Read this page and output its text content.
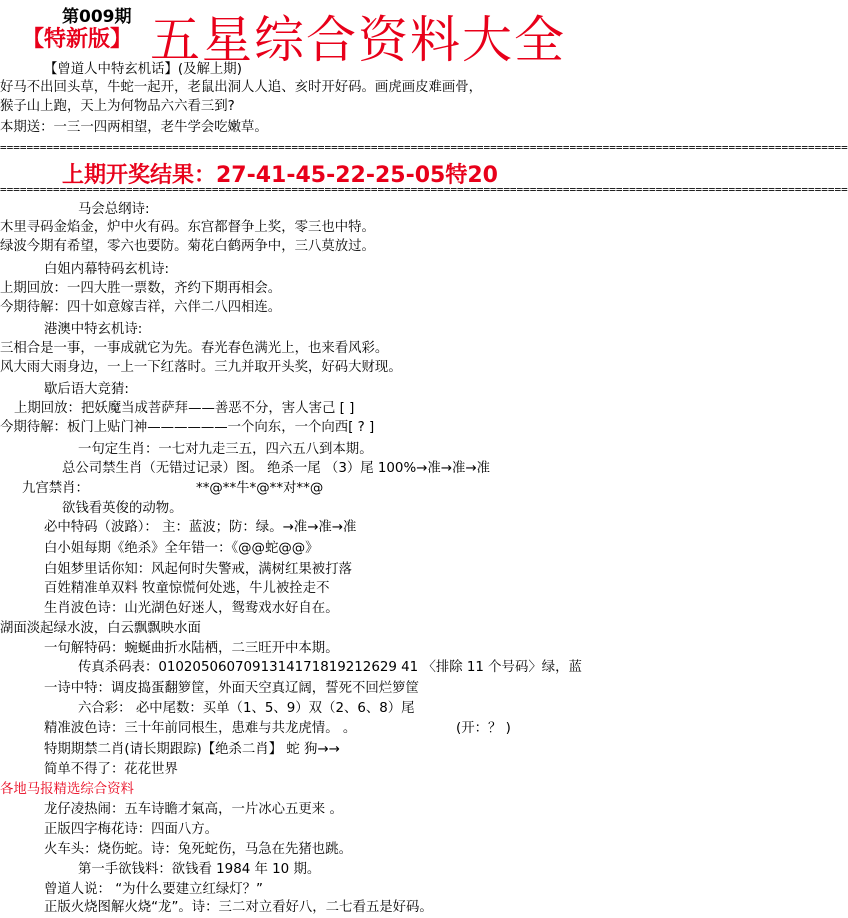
第009期
【特新版】 五星综合资料大全
================================================================================================================================
上期开奖结果：27-41-45-22-25-05特20
================================================================================================================================
【曾道人中特玄机话】(及解上期)
好马不出回头草，牛蛇一起开，老鼠出洞人人追、亥时开好码。画虎画皮难画骨，
猴子山上跑，天上为何物品六六看三到?
本期送：一三一四两相望，老牛学会吃嫩草。
马会总纲诗:
木里寻码金焰金，炉中火有码。东宫都督争上奖，零三也中特。
绿波今期有希望，零六也要防。菊花白鹤两争中，三八莫放过。
白姐内幕特码玄机诗:
上期回放：一四大胜一票数，齐约下期再相会。
今期待解：四十如意嫁吉祥，六伴二八四相连。
港澳中特玄机诗:
三相合是一事，一事成就它为先。春光春色满光上，也来看风彩。
风大雨大雨身边，一上一下红落时。三九并取开头奖，好码大财现。
歇后语大竞猜:
上期回放：把妖魔当成菩萨拜——善恶不分，害人害己 [ ]
今期待解：板门上贴门神——————一个向东，一个向西[ ? ]
一句定生肖：一七对九走三五，四六五八到本期。
总公司禁生肖（无错过记录）图。 绝杀一尾 （3）尾 100%→准→准→准
九宫禁肖：	**@**牛*@**对**@
欲钱看英俊的动物。
必中特码（波路）： 主：蓝波；防：绿。→准→准→准
白小姐每期《绝杀》全年错一：《@@蛇@@》
白姐梦里话你知：风起何时失警戒，满树红果被打落
百姓精准单双料 牧童惊慌何处逃，牛儿被拴走不
生肖波色诗：山光湖色好迷人，鸳鸯戏水好自在。
湖面淡起绿水波，白云飘飘映水面
一句解特码：蜿蜒曲折水陆栖，二三旺开中本期。
传真杀码表：0102050607091314171819212629 41 〈排除 11 个号码〉绿，蓝
一诗中特：调皮捣蛋翻箩筐，外面天空真辽阔，誓死不回烂箩筐
六合彩： 必中尾数：买单（1、5、9）双（2、6、8）尾
精准波色诗：三十年前同根生，患难与共龙虎情。 。	(开：？ )
特期期禁二肖(请长期跟踪)【绝杀二肖】 蛇 狗→→
简单不得了：花花世界
各地马报精选综合资料
龙仔凌热闹：五车诗瞻才氣高，一片冰心五更来 。
正版四字梅花诗：四面八方。
火车头：烧伤蛇。诗：兔死蛇伤，马急在先猪也跳。
第一手欲钱料：欲钱看 1984 年 10 期。
曾道人说： “为什么要建立红绿灯？”
正版火烧图解火烧“龙”。诗：三二对立看好八，二七看五是好码。
